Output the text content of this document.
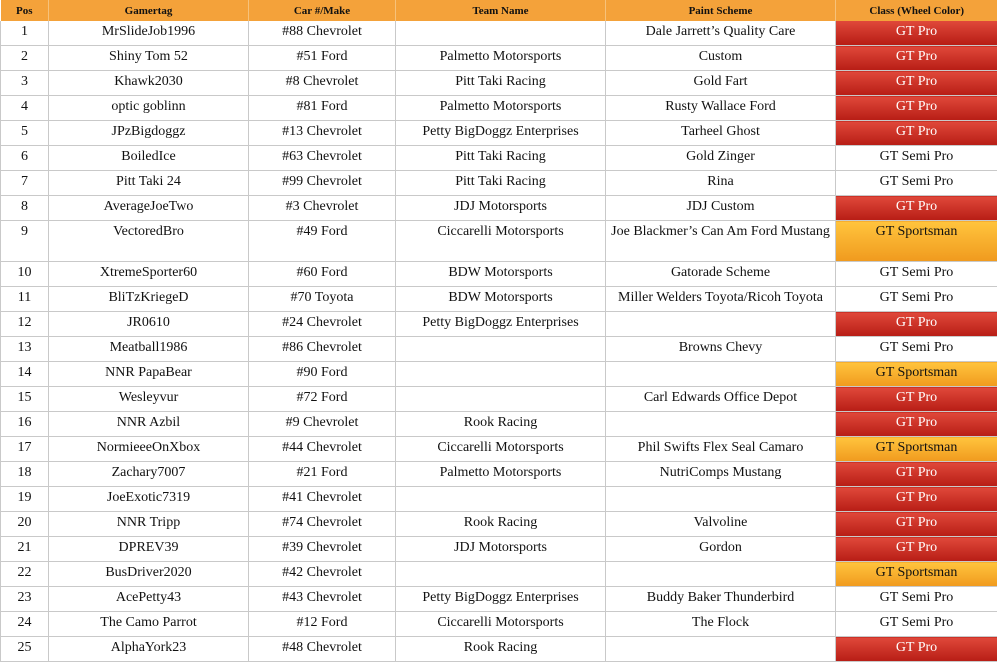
Pos	Gamertag	Car #/Make	Team Name	Paint Scheme	Class (Wheel Color)
1	MrSlideJob1996	#88 Chevrolet		Dale Jarrett’s Quality Care	GT Pro
2	Shiny Tom 52	#51 Ford	Palmetto Motorsports	Custom	GT Pro
3	Khawk2030	#8 Chevrolet	Pitt Taki Racing	Gold Fart	GT Pro
4	optic goblinn	#81 Ford	Palmetto Motorsports	Rusty Wallace Ford	GT Pro
5	JPzBigdoggz	#13 Chevrolet	Petty BigDoggz Enterprises	Tarheel Ghost	GT Pro
6	BoiledIce	#63 Chevrolet	Pitt Taki Racing	Gold Zinger	GT Semi Pro
7	Pitt Taki 24	#99 Chevrolet	Pitt Taki Racing	Rina	GT Semi Pro
8	AverageJoeTwo	#3 Chevrolet	JDJ Motorsports	JDJ Custom	GT Pro
9	VectoredBro	#49 Ford	Ciccarelli Motorsports	Joe Blackmer’s Can Am Ford Mustang	GT Sportsman
10	XtremeSporter60	#60 Ford	BDW Motorsports	Gatorade Scheme	GT Semi Pro
11	BliTzKriegeD	#70 Toyota	BDW Motorsports	Miller Welders Toyota/Ricoh Toyota	GT Semi Pro
12	JR0610	#24 Chevrolet	Petty BigDoggz Enterprises		GT Pro
13	Meatball1986	#86 Chevrolet		Browns Chevy	GT Semi Pro
14	NNR PapaBear	#90 Ford			GT Sportsman
15	Wesleyvur	#72 Ford		Carl Edwards Office Depot	GT Pro
16	NNR Azbil	#9 Chevrolet	Rook Racing		GT Pro
17	NormieeeOnXbox	#44 Chevrolet	Ciccarelli Motorsports	Phil Swifts Flex Seal Camaro	GT Sportsman
18	Zachary7007	#21 Ford	Palmetto Motorsports	NutriComps Mustang	GT Pro
19	JoeExotic7319	#41 Chevrolet			GT Pro
20	NNR Tripp	#74 Chevrolet	Rook Racing	Valvoline	GT Pro
21	DPREV39	#39 Chevrolet	JDJ Motorsports	Gordon	GT Pro
22	BusDriver2020	#42 Chevrolet			GT Sportsman
23	AcePetty43	#43 Chevrolet	Petty BigDoggz Enterprises	Buddy Baker Thunderbird	GT Semi Pro
24	The Camo Parrot	#12 Ford	Ciccarelli Motorsports	The Flock	GT Semi Pro
25	AlphaYork23	#48 Chevrolet	Rook Racing		GT Pro
